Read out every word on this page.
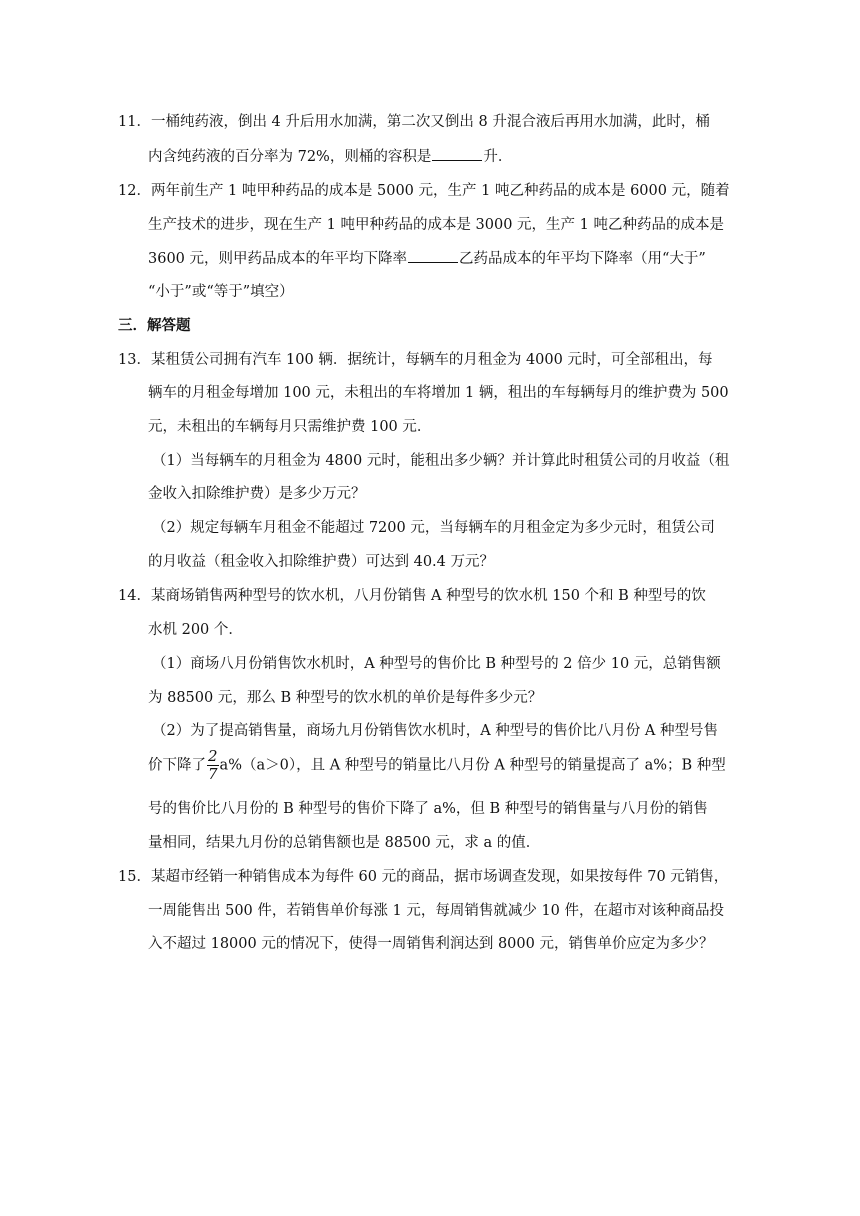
11．一桶纯药液，倒出 4 升后用水加满，第二次又倒出 8 升混合液后再用水加满，此时，桶
内含纯药液的百分率为 72%，则桶的容积是	升．
12．两年前生产 1 吨甲种药品的成本是 5000 元，生产 1 吨乙种药品的成本是 6000 元，随着
生产技术的进步，现在生产 1 吨甲种药品的成本是 3000 元，生产 1 吨乙种药品的成本是
3600 元，则甲药品成本的年平均下降率	乙药品成本的年平均下降率（用“大于”
“小于”或“等于”填空）
三．解答题
13．某租赁公司拥有汽车 100 辆．据统计，每辆车的月租金为 4000 元时，可全部租出，每
辆车的月租金每增加 100 元，未租出的车将增加 1 辆，租出的车每辆每月的维护费为 500
元，未租出的车辆每月只需维护费 100 元．
（1）当每辆车的月租金为 4800 元时，能租出多少辆？并计算此时租赁公司的月收益（租
金收入扣除维护费）是多少万元？
（2）规定每辆车月租金不能超过 7200 元，当每辆车的月租金定为多少元时，租赁公司
的月收益（租金收入扣除维护费）可达到 40.4 万元？
14．某商场销售两种型号的饮水机，八月份销售 A 种型号的饮水机 150 个和 B 种型号的饮
水机 200 个．
（1）商场八月份销售饮水机时，A 种型号的售价比 B 种型号的 2 倍少 10 元，总销售额
为 88500 元，那么 B 种型号的饮水机的单价是每件多少元？
（2）为了提高销售量，商场九月份销售饮水机时，A 种型号的售价比八月份 A 种型号售
价下降了 $\frac{2}{7} a\%(a>0)$，且 A 种型号的销量比八月份 A 种型号的销量提高了 a%；B 种型
号的售价比八月份的 B 种型号的售价下降了 a%，但 B 种型号的销售量与八月份的销售
量相同，结果九月份的总销售额也是 88500 元，求 a 的值．
15．某超市经销一种销售成本为每件 60 元的商品，据市场调查发现，如果按每件 70 元销售，
一周能售出 500 件，若销售单价每涨 1 元，每周销售就减少 10 件，在超市对该种商品投
入不超过 18000 元的情况下，使得一周销售利润达到 8000 元，销售单价应定为多少？
